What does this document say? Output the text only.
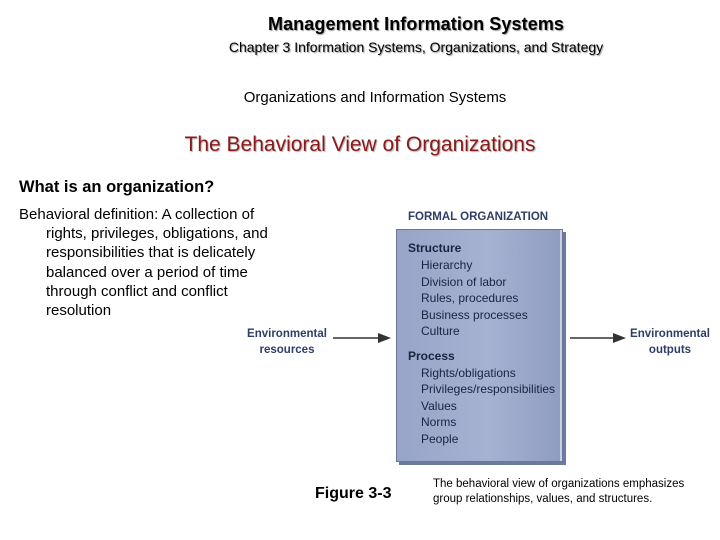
Management Information Systems
Chapter 3 Information Systems, Organizations, and Strategy
Organizations and Information Systems
The Behavioral View of Organizations
What is an organization?
Behavioral definition: A collection of rights, privileges, obligations, and responsibilities that is delicately balanced over a period of time through conflict and conflict resolution
FORMAL ORGANIZATION
Structure
Hierarchy
Division of labor
Rules, procedures
Business processes
Culture
Process
Rights/obligations
Privileges/responsibilities
Values
Norms
People
Environmental
resources
Environmental
outputs
Figure 3-3
The behavioral view of organizations emphasizes group relationships, values, and structures.
